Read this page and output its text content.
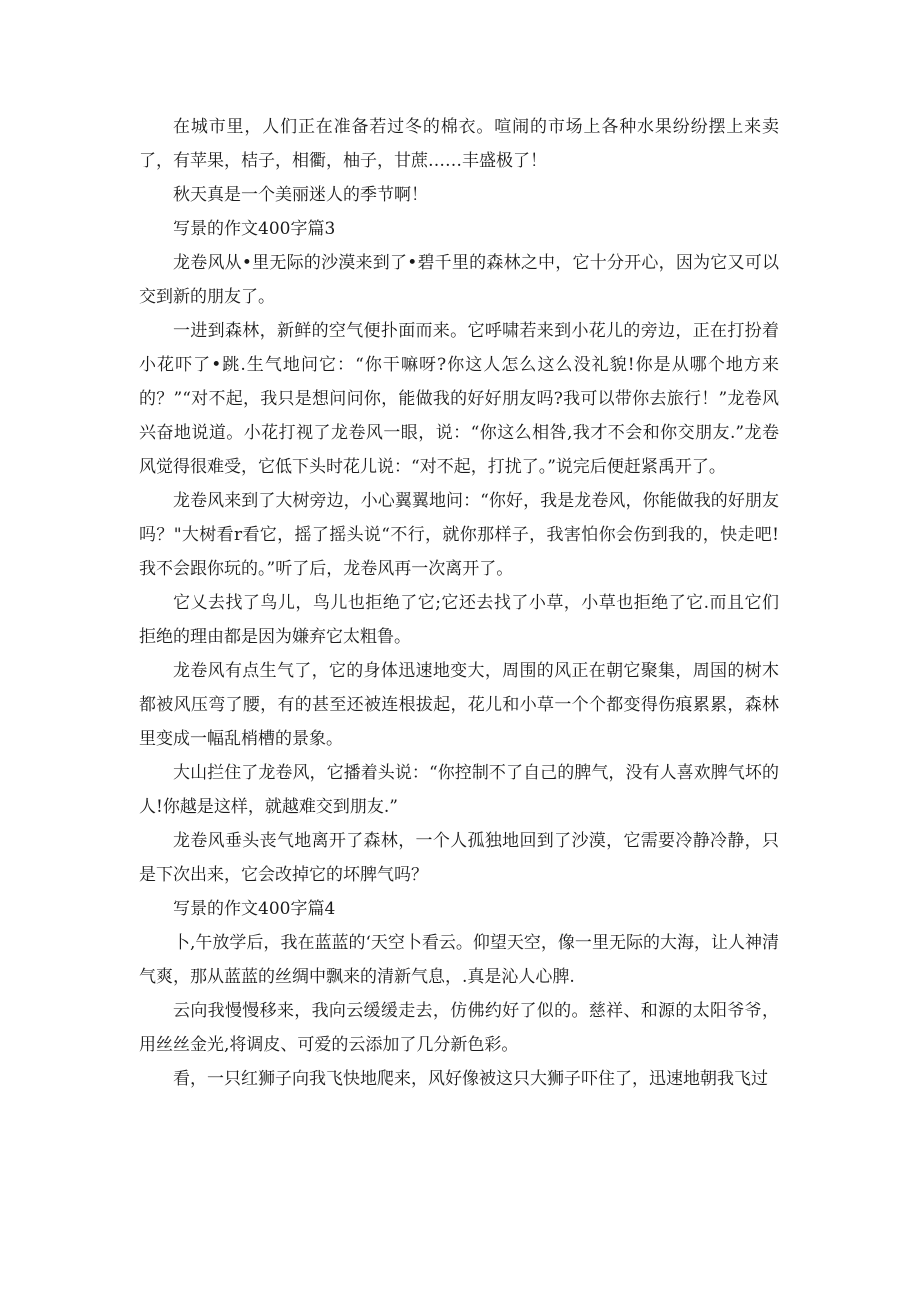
在城市里，人们正在准备若过冬的棉衣。喧闹的市场上各种水果纷纷摆上来卖了，有苹果，桔子，相衢，柚子，甘蔗……丰盛极了！

秋天真是一个美丽迷人的季节啊！

写景的作文400字篇3

龙卷风从•里无际的沙漠来到了•碧千里的森林之中，它十分开心，因为它又可以交到新的朋友了。

一进到森林，新鲜的空气便扑面而来。它呼啸若来到小花儿的旁边，正在打扮着小花吓了•跳.生气地问它：“你干嘛呀?你这人怎么这么没礼貌!你是从哪个地方来的？”“对不起，我只是想问问你，能做我的好好朋友吗?我可以带你去旅行！”龙卷风兴奋地说道。小花打视了龙卷风一眼，说：“你这么相咎,我才不会和你交朋友.”龙卷风觉得很难受，它低下头时花儿说：“对不起，打扰了。”说完后便赶紧禹开了。

龙卷风来到了大树旁边，小心翼翼地问：“你好，我是龙卷风，你能做我的好朋友吗？"大树看r看它，摇了摇头说“不行，就你那样子，我害怕你会伤到我的，快走吧!我不会跟你玩的。”听了后，龙卷风再一次离开了。

它乂去找了鸟儿，鸟儿也拒绝了它;它还去找了小草，小草也拒绝了它.而且它们拒绝的理由都是因为嫌弃它太粗鲁。

龙卷风有点生气了，它的身体迅速地变大，周围的风正在朝它聚集，周国的树木都被风压弯了腰，有的甚至还被连根拔起，花儿和小草一个个都变得伤痕累累，森林里变成一幅乱梢槽的景象。

大山拦住了龙卷风，它播着头说：“你控制不了自己的脾气，没有人喜欢脾气坏的人!你越是这样，就越难交到朋友.”

龙卷风垂头丧气地离开了森林，一个人孤独地回到了沙漠，它需要冷静冷静，只是下次出来，它会改掉它的坏脾气吗？

写景的作文400字篇4

卜,午放学后，我在蓝蓝的‘天空卜看云。仰望天空，像一里无际的大海，让人神清气爽，那从蓝蓝的丝绸中飘来的清新气息，.真是沁人心脾.

云向我慢慢移来，我向云缓缓走去，仿佛约好了似的。慈祥、和源的太阳爷爷，用丝丝金光,将调皮、可爱的云添加了几分新色彩。

看，一只红狮子向我飞快地爬来，风好像被这只大狮子吓住了，迅速地朝我飞过
